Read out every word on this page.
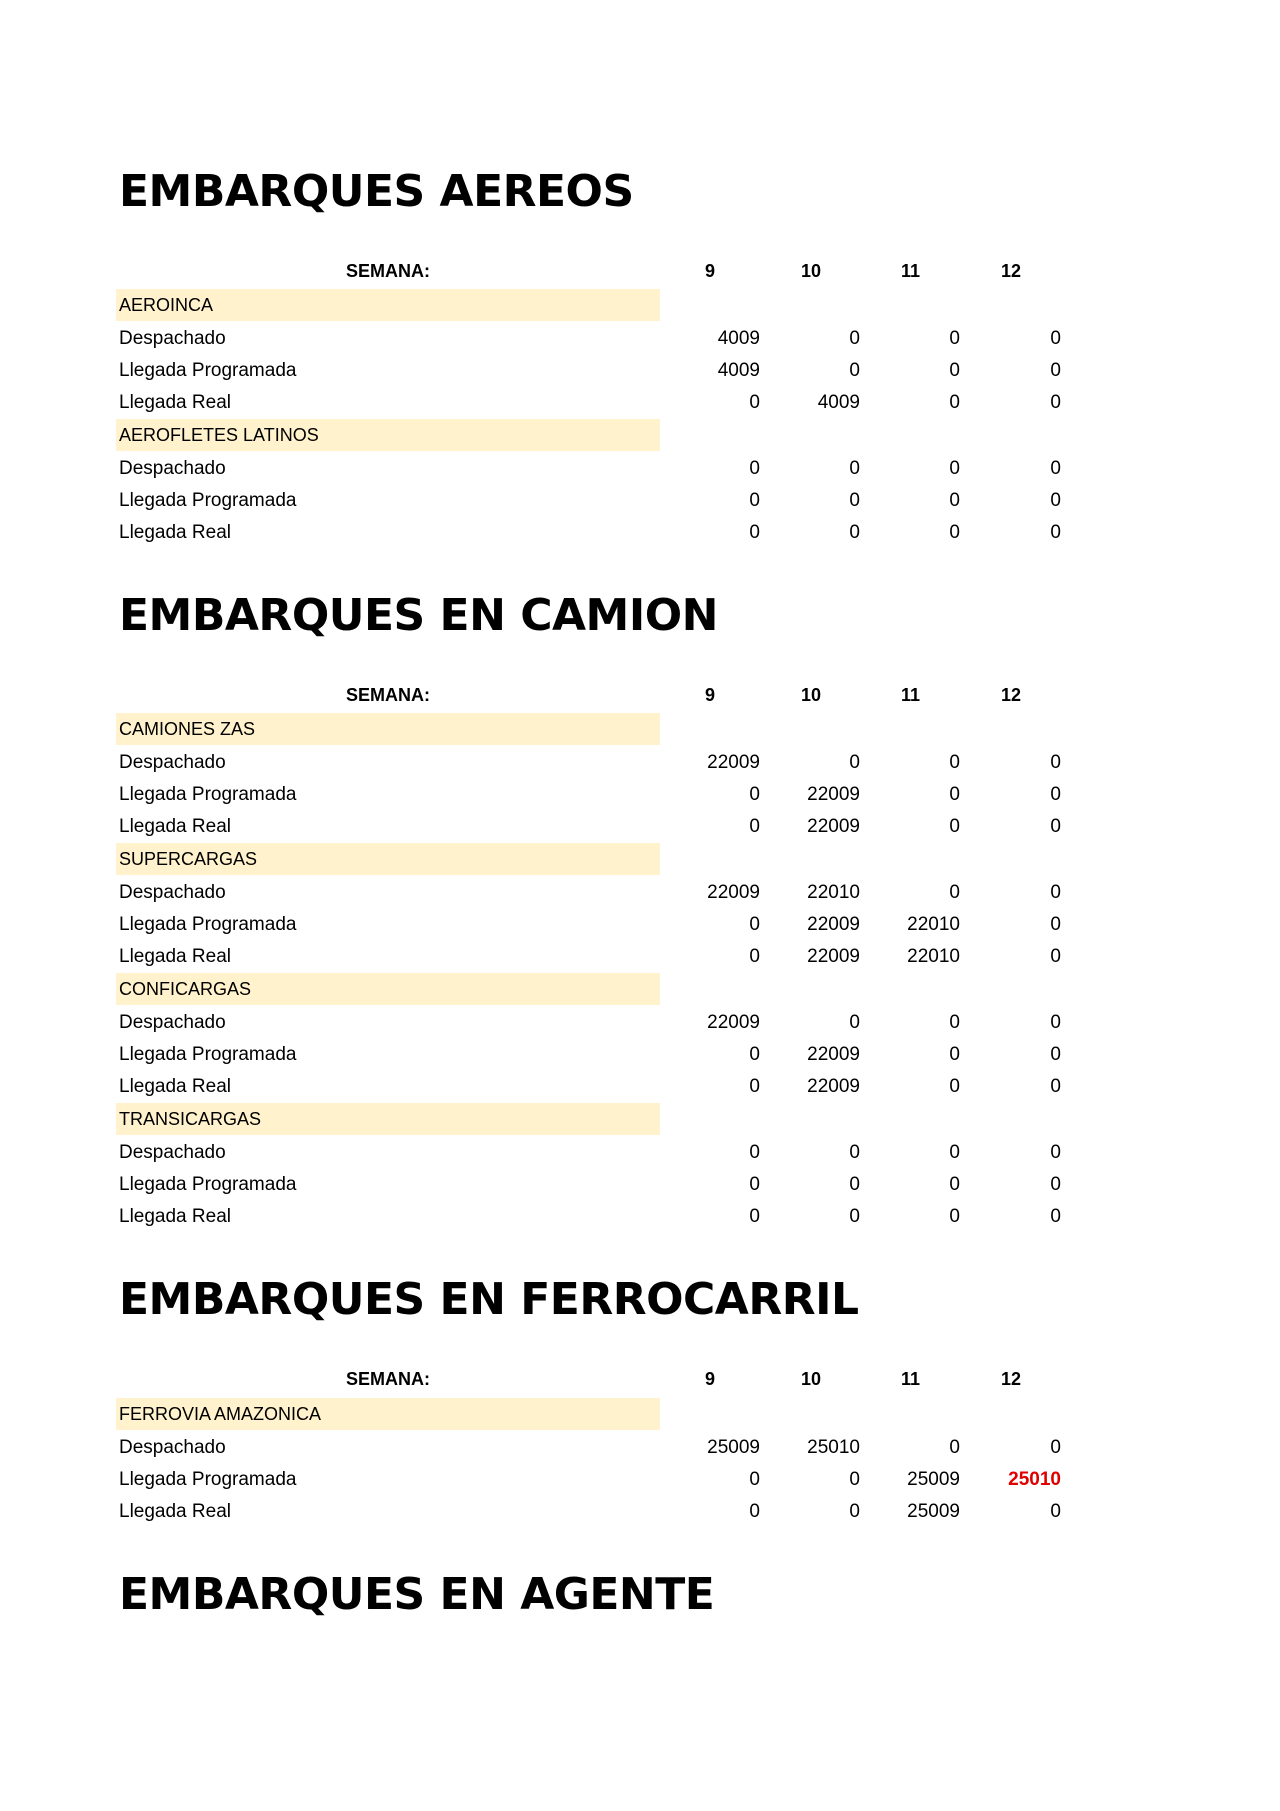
EMBARQUES AEREOS
SEMANA:	9	10	11	12
AEROINCA
Despachado	4009	0	0	0
Llegada Programada	4009	0	0	0
Llegada Real	0	4009	0	0
AEROFLETES LATINOS
Despachado	0	0	0	0
Llegada Programada	0	0	0	0
Llegada Real	0	0	0	0
EMBARQUES EN CAMION
SEMANA:	9	10	11	12
CAMIONES ZAS
Despachado	22009	0	0	0
Llegada Programada	0	22009	0	0
Llegada Real	0	22009	0	0
SUPERCARGAS
Despachado	22009	22010	0	0
Llegada Programada	0	22009	22010	0
Llegada Real	0	22009	22010	0
CONFICARGAS
Despachado	22009	0	0	0
Llegada Programada	0	22009	0	0
Llegada Real	0	22009	0	0
TRANSICARGAS
Despachado	0	0	0	0
Llegada Programada	0	0	0	0
Llegada Real	0	0	0	0
EMBARQUES EN FERROCARRIL
SEMANA:	9	10	11	12
FERROVIA AMAZONICA
Despachado	25009	25010	0	0
Llegada Programada	0	0	25009	25010
Llegada Real	0	0	25009	0
EMBARQUES EN AGENTE
